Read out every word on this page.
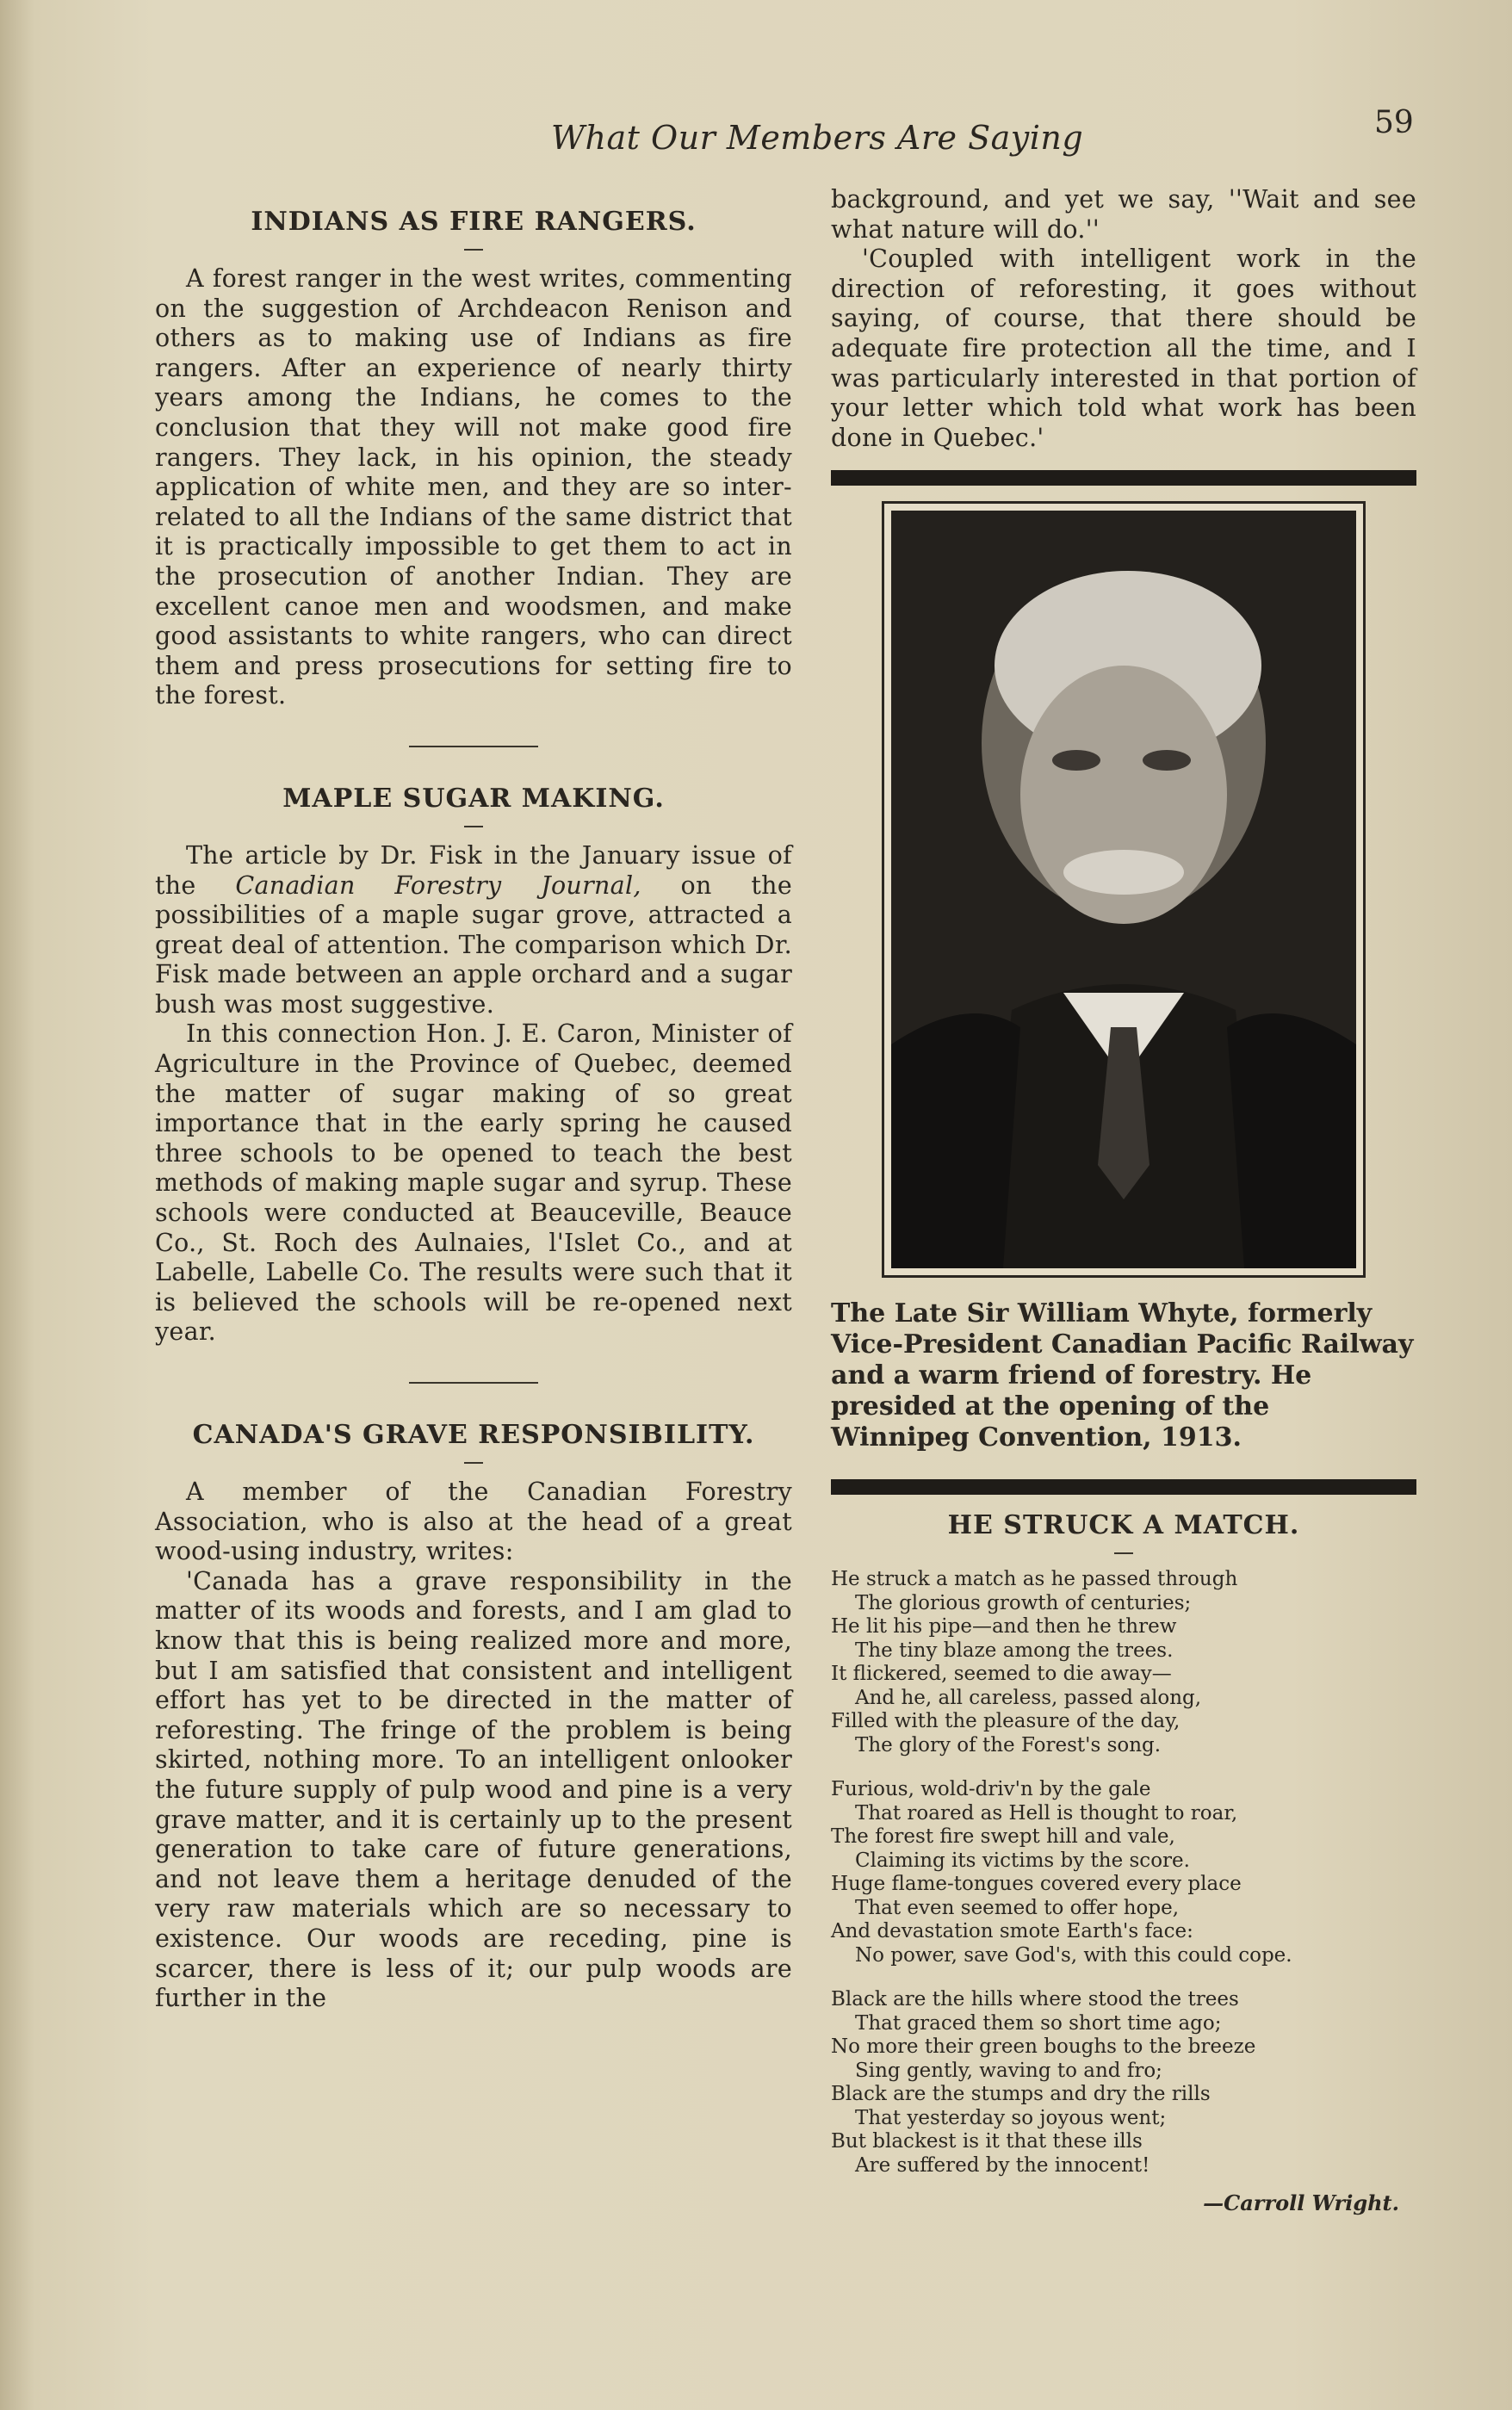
What Our Members Are Saying	59
INDIANS AS FIRE RANGERS.

A forest ranger in the west writes, commenting on the suggestion of Archdeacon Renison and others as to making use of Indians as fire rangers. After an experience of nearly thirty years among the Indians, he comes to the conclusion that they will not make good fire rangers. They lack, in his opinion, the steady application of white men, and they are so inter-related to all the Indians of the same district that it is practically impossible to get them to act in the prosecution of another Indian. They are excellent canoe men and woodsmen, and make good assistants to white rangers, who can direct them and press prosecutions for setting fire to the forest.

MAPLE SUGAR MAKING.

The article by Dr. Fisk in the January issue of the Canadian Forestry Journal, on the possibilities of a maple sugar grove, attracted a great deal of attention. The comparison which Dr. Fisk made between an apple orchard and a sugar bush was most suggestive.

In this connection Hon. J. E. Caron, Minister of Agriculture in the Province of Quebec, deemed the matter of sugar making of so great importance that in the early spring he caused three schools to be opened to teach the best methods of making maple sugar and syrup. These schools were conducted at Beauceville, Beauce Co., St. Roch des Aulnaies, l'Islet Co., and at Labelle, Labelle Co. The results were such that it is believed the schools will be re-opened next year.

CANADA'S GRAVE RESPONSIBILITY.

A member of the Canadian Forestry Association, who is also at the head of a great wood-using industry, writes:

'Canada has a grave responsibility in the matter of its woods and forests, and I am glad to know that this is being realized more and more, but I am satisfied that consistent and intelligent effort has yet to be directed in the matter of reforesting. The fringe of the problem is being skirted, nothing more. To an intelligent onlooker the future supply of pulp wood and pine is a very grave matter, and it is certainly up to the present generation to take care of future generations, and not leave them a heritage denuded of the very raw materials which are so necessary to existence. Our woods are receding, pine is scarcer, there is less of it; our pulp woods are further in the

background, and yet we say, ''Wait and see what nature will do.''

'Coupled with intelligent work in the direction of reforesting, it goes without saying, of course, that there should be adequate fire protection all the time, and I was particularly interested in that portion of your letter which told what work has been done in Quebec.'

The Late Sir William Whyte, formerly Vice-President Canadian Pacific Railway and a warm friend of forestry. He presided at the opening of the Winnipeg Convention, 1913.
HE STRUCK A MATCH.
He struck a match as he passed through
The glorious growth of centuries;
He lit his pipe—and then he threw
The tiny blaze among the trees.
It flickered, seemed to die away—
And he, all careless, passed along,
Filled with the pleasure of the day,
The glory of the Forest's song.
Furious, wold-driv'n by the gale
That roared as Hell is thought to roar,
The forest fire swept hill and vale,
Claiming its victims by the score.
Huge flame-tongues covered every place
That even seemed to offer hope,
And devastation smote Earth's face:
No power, save God's, with this could cope.
Black are the hills where stood the trees
That graced them so short time ago;
No more their green boughs to the breeze
Sing gently, waving to and fro;
Black are the stumps and dry the rills
That yesterday so joyous went;
But blackest is it that these ills
Are suffered by the innocent!
—Carroll Wright.
